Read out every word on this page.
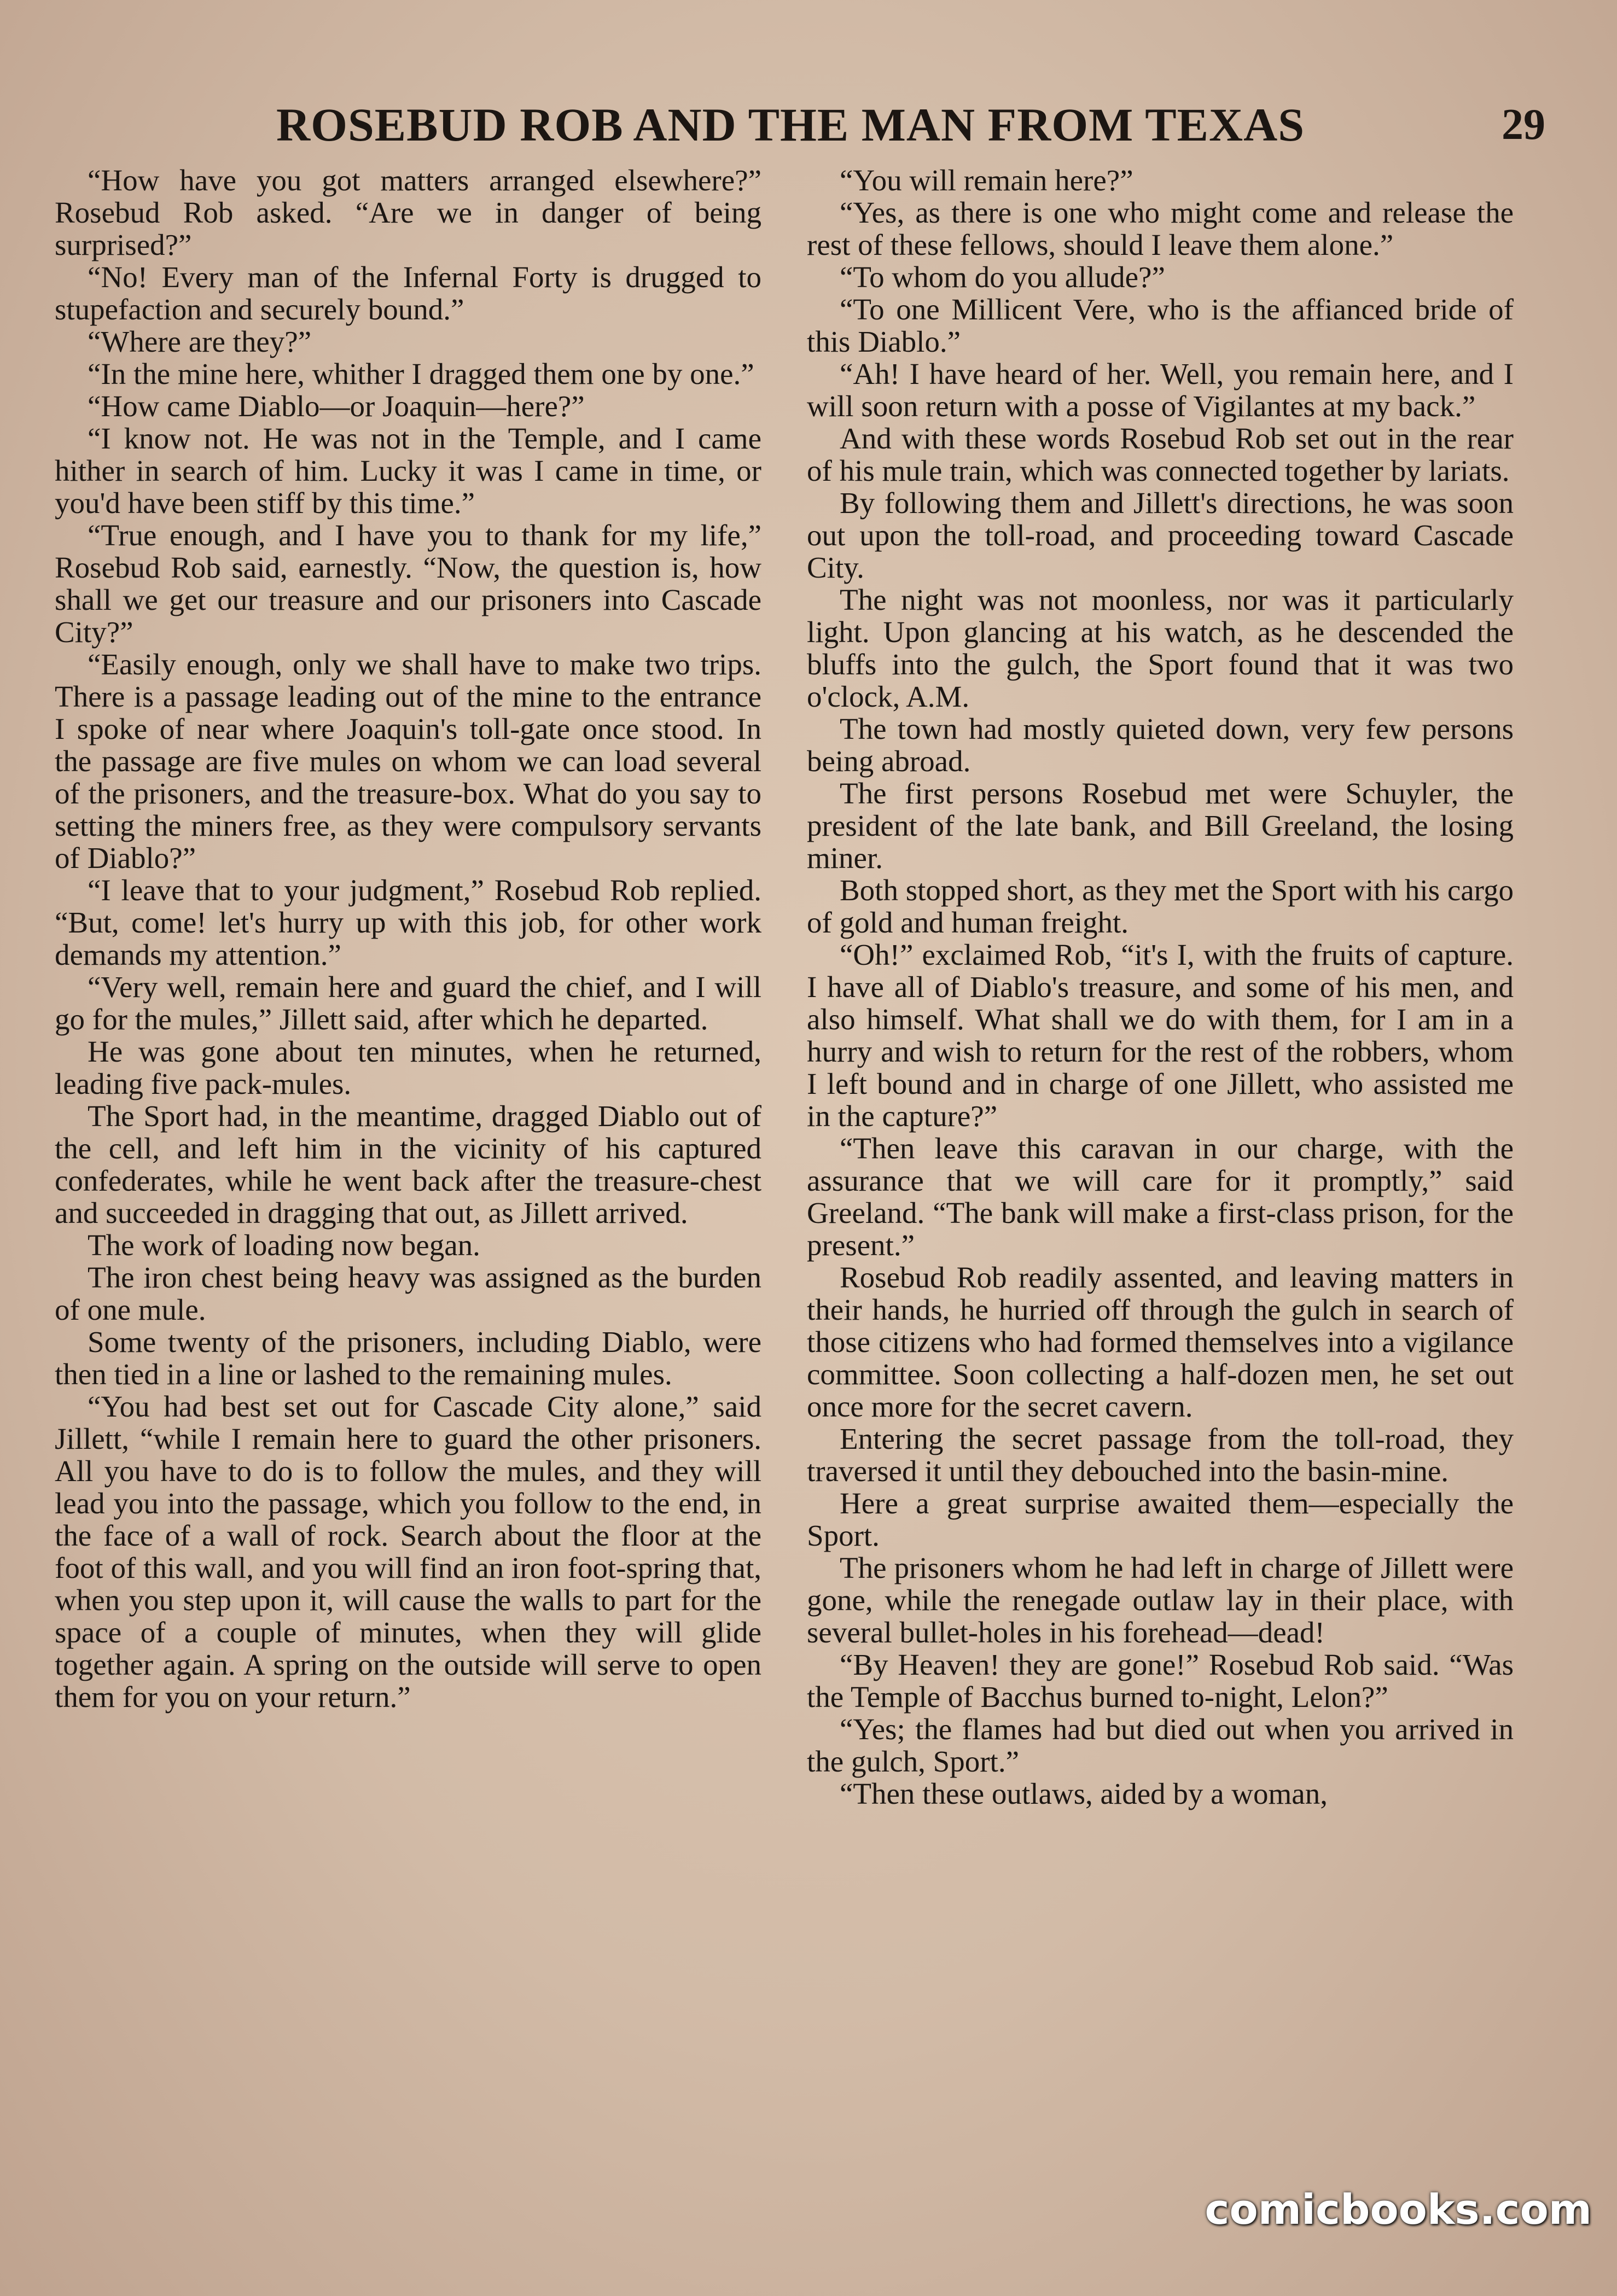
ROSEBUD ROB AND THE MAN FROM TEXAS	29

“How have you got matters arranged elsewhere?” Rosebud Rob asked. “Are we in danger of being surprised?”

“No! Every man of the Infernal Forty is drugged to stupefaction and securely bound.”

“Where are they?”

“In the mine here, whither I dragged them one by one.”

“How came Diablo—or Joaquin—here?”

“I know not. He was not in the Temple, and I came hither in search of him. Lucky it was I came in time, or you'd have been stiff by this time.”

“True enough, and I have you to thank for my life,” Rosebud Rob said, earnestly. “Now, the question is, how shall we get our treasure and our prisoners into Cascade City?”

“Easily enough, only we shall have to make two trips. There is a passage leading out of the mine to the entrance I spoke of near where Joaquin's toll-gate once stood. In the passage are five mules on whom we can load several of the prisoners, and the treasure-box. What do you say to setting the miners free, as they were compulsory servants of Diablo?”

“I leave that to your judgment,” Rosebud Rob replied. “But, come! let's hurry up with this job, for other work demands my attention.”

“Very well, remain here and guard the chief, and I will go for the mules,” Jillett said, after which he departed.

He was gone about ten minutes, when he returned, leading five pack-mules.

The Sport had, in the meantime, dragged Diablo out of the cell, and left him in the vicinity of his captured confederates, while he went back after the treasure-chest and succeeded in dragging that out, as Jillett arrived.

The work of loading now began.

The iron chest being heavy was assigned as the burden of one mule.

Some twenty of the prisoners, including Diablo, were then tied in a line or lashed to the remaining mules.

“You had best set out for Cascade City alone,” said Jillett, “while I remain here to guard the other prisoners. All you have to do is to follow the mules, and they will lead you into the passage, which you follow to the end, in the face of a wall of rock. Search about the floor at the foot of this wall, and you will find an iron foot-spring that, when you step upon it, will cause the walls to part for the space of a couple of minutes, when they will glide together again. A spring on the outside will serve to open them for you on your return.”

“You will remain here?”

“Yes, as there is one who might come and release the rest of these fellows, should I leave them alone.”

“To whom do you allude?”

“To one Millicent Vere, who is the affianced bride of this Diablo.”

“Ah! I have heard of her. Well, you remain here, and I will soon return with a posse of Vigilantes at my back.”

And with these words Rosebud Rob set out in the rear of his mule train, which was connected together by lariats.

By following them and Jillett's directions, he was soon out upon the toll-road, and proceeding toward Cascade City.

The night was not moonless, nor was it particularly light. Upon glancing at his watch, as he descended the bluffs into the gulch, the Sport found that it was two o'clock, A.M.

The town had mostly quieted down, very few persons being abroad.

The first persons Rosebud met were Schuyler, the president of the late bank, and Bill Greeland, the losing miner.

Both stopped short, as they met the Sport with his cargo of gold and human freight.

“Oh!” exclaimed Rob, “it's I, with the fruits of capture. I have all of Diablo's treasure, and some of his men, and also himself. What shall we do with them, for I am in a hurry and wish to return for the rest of the robbers, whom I left bound and in charge of one Jillett, who assisted me in the capture?”

“Then leave this caravan in our charge, with the assurance that we will care for it promptly,” said Greeland. “The bank will make a first-class prison, for the present.”

Rosebud Rob readily assented, and leaving matters in their hands, he hurried off through the gulch in search of those citizens who had formed themselves into a vigilance committee. Soon collecting a half-dozen men, he set out once more for the secret cavern.

Entering the secret passage from the toll-road, they traversed it until they debouched into the basin-mine.

Here a great surprise awaited them—especially the Sport.

The prisoners whom he had left in charge of Jillett were gone, while the renegade outlaw lay in their place, with several bullet-holes in his forehead—dead!

“By Heaven! they are gone!” Rosebud Rob said. “Was the Temple of Bacchus burned to-night, Lelon?”

“Yes; the flames had but died out when you arrived in the gulch, Sport.”

“Then these outlaws, aided by a woman,

comicbooks.com
